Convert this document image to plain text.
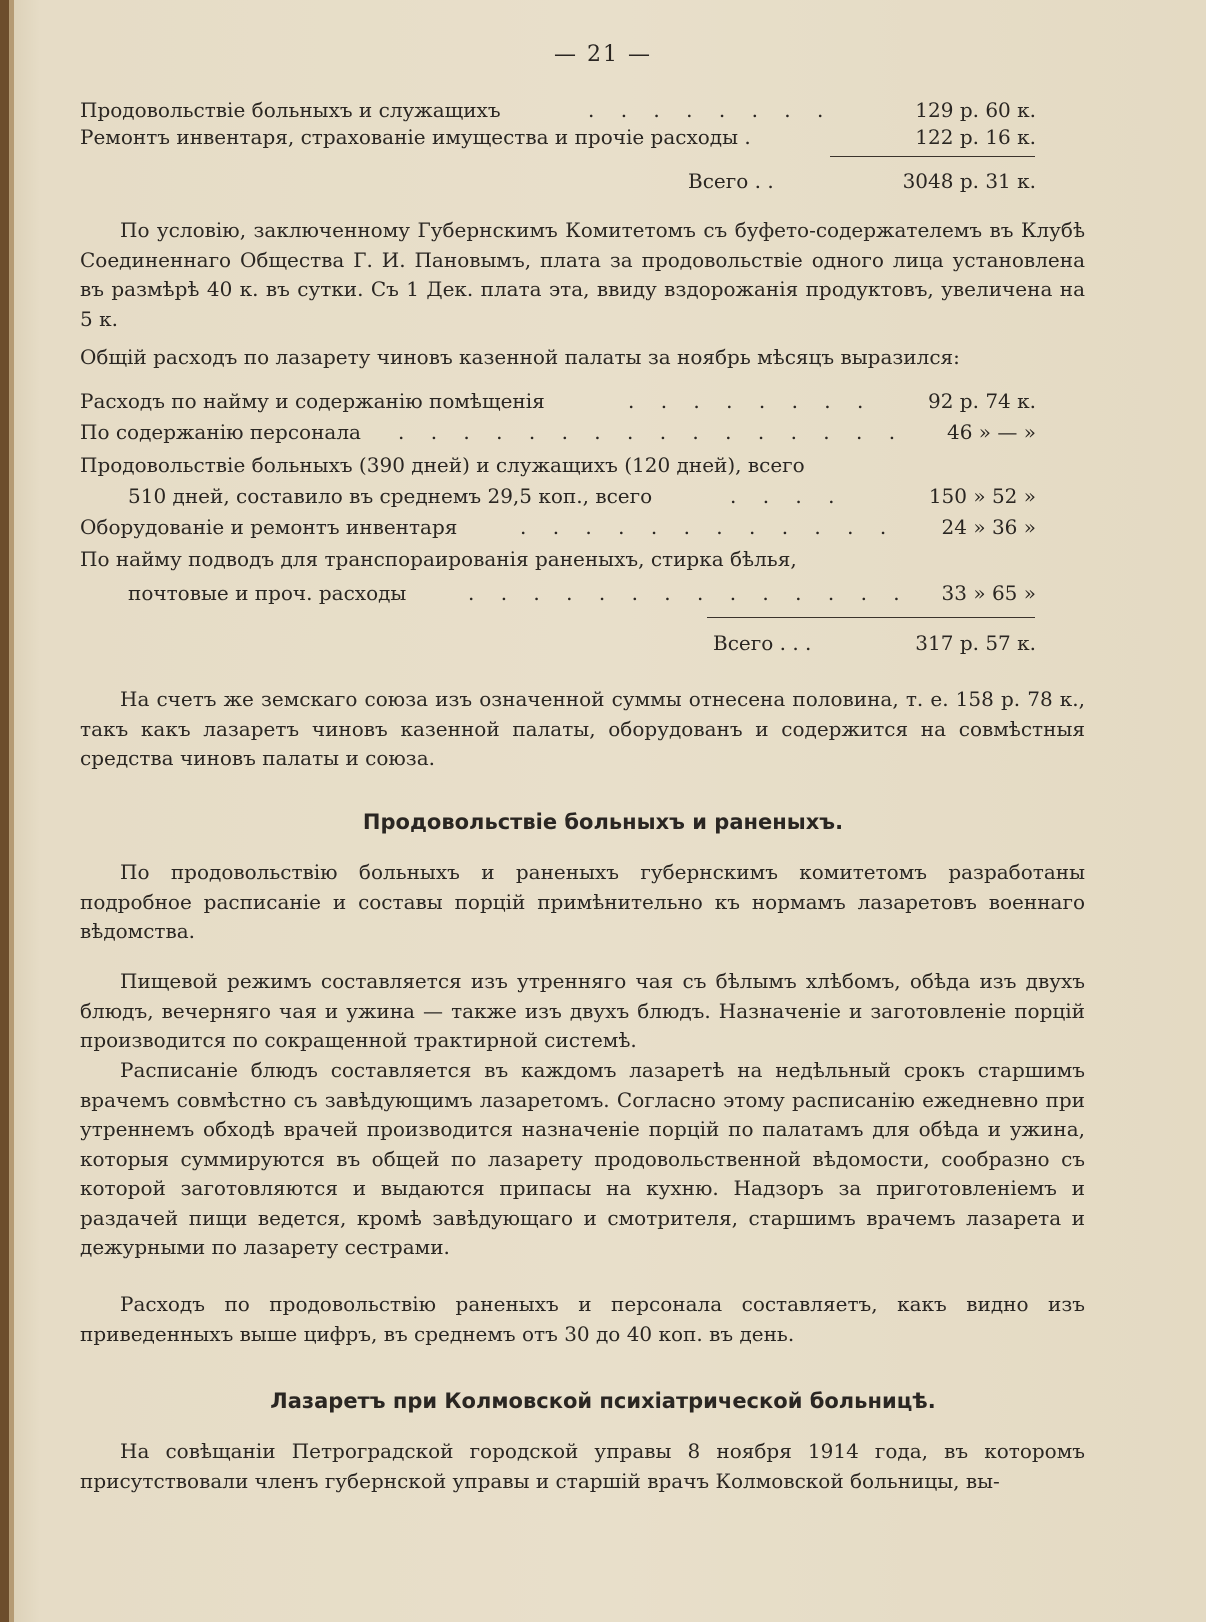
— 21 —
Продовольствіе больныхъ и служащихъ	. . . . . . . .	129 р. 60 к.
Ремонтъ инвентаря, страхованіе имущества и прочіе расходы .	122 р. 16 к.
Всего . .	3048 р. 31 к.
По условію, заключенному Губернскимъ Комитетомъ съ буфето-содержателемъ въ Клубѣ Соединеннаго Общества Г. И. Пановымъ, плата за продовольствіе одного лица установлена въ размѣрѣ 40 к. въ сутки. Съ 1 Дек. плата эта, ввиду вздорожанія продуктовъ, увеличена на 5 к.
Общій расходъ по лазарету чиновъ казенной палаты за ноябрь мѣсяцъ выразился:
Расходъ по найму и содержанію помѣщенія	. . . . . . . .	92 р. 74 к.
По содержанію персонала . . . . . . . . . . . . . . . .	46 » — »
Продовольствіе больныхъ (390 дней) и служащихъ (120 дней), всего
510 дней, составило въ среднемъ 29,5 коп., всего	. . . .	150 » 52 »
Оборудованіе и ремонтъ инвентаря	. . . . . . . . . . . .	24 » 36 »
По найму подводъ для транспорaированія раненыхъ, стирка бѣлья,
почтовые и проч. расходы	. . . . . . . . . . . . . .	33 » 65 »
Всего . . .	317 р. 57 к.
На счетъ же земскаго союза изъ означенной суммы отнесена половина, т. е. 158 р. 78 к., такъ какъ лазаретъ чиновъ казенной палаты, оборудованъ и содержится на совмѣстныя средства чиновъ палаты и союза.
Продовольствіе больныхъ и раненыхъ.
По продовольствію больныхъ и раненыхъ губернскимъ комитетомъ разработаны подробное расписаніе и составы порцій примѣнительно къ нормамъ лазаретовъ военнаго вѣдомства.
Пищевой режимъ составляется изъ утренняго чая съ бѣлымъ хлѣбомъ, обѣда изъ двухъ блюдъ, вечерняго чая и ужина — также изъ двухъ блюдъ. Назначеніе и заготовленіе порцій производится по сокращенной трактирной системѣ.
Расписаніе блюдъ составляется въ каждомъ лазаретѣ на недѣльный срокъ старшимъ врачемъ совмѣстно съ завѣдующимъ лазаретомъ. Согласно этому расписанію ежедневно при утреннемъ обходѣ врачей производится назначеніе порцій по палатамъ для обѣда и ужина, которыя суммируются въ общей по лазарету продовольственной вѣдомости, сообразно съ которой заготовляются и выдаются припасы на кухню. Надзоръ за приготовленіемъ и раздачей пищи ведется, кромѣ завѣдующаго и смотрителя, старшимъ врачемъ лазарета и дежурными по лазарету сестрами.
Расходъ по продовольствію раненыхъ и персонала составляетъ, какъ видно изъ приведенныхъ выше цифръ, въ среднемъ отъ 30 до 40 коп. въ день.
Лазаретъ при Колмовской психіатрической больницѣ.
На совѣщаніи Петроградской городской управы 8 ноября 1914 года, въ которомъ присутствовали членъ губернской управы и старшій врачъ Колмовской больницы, вы-
